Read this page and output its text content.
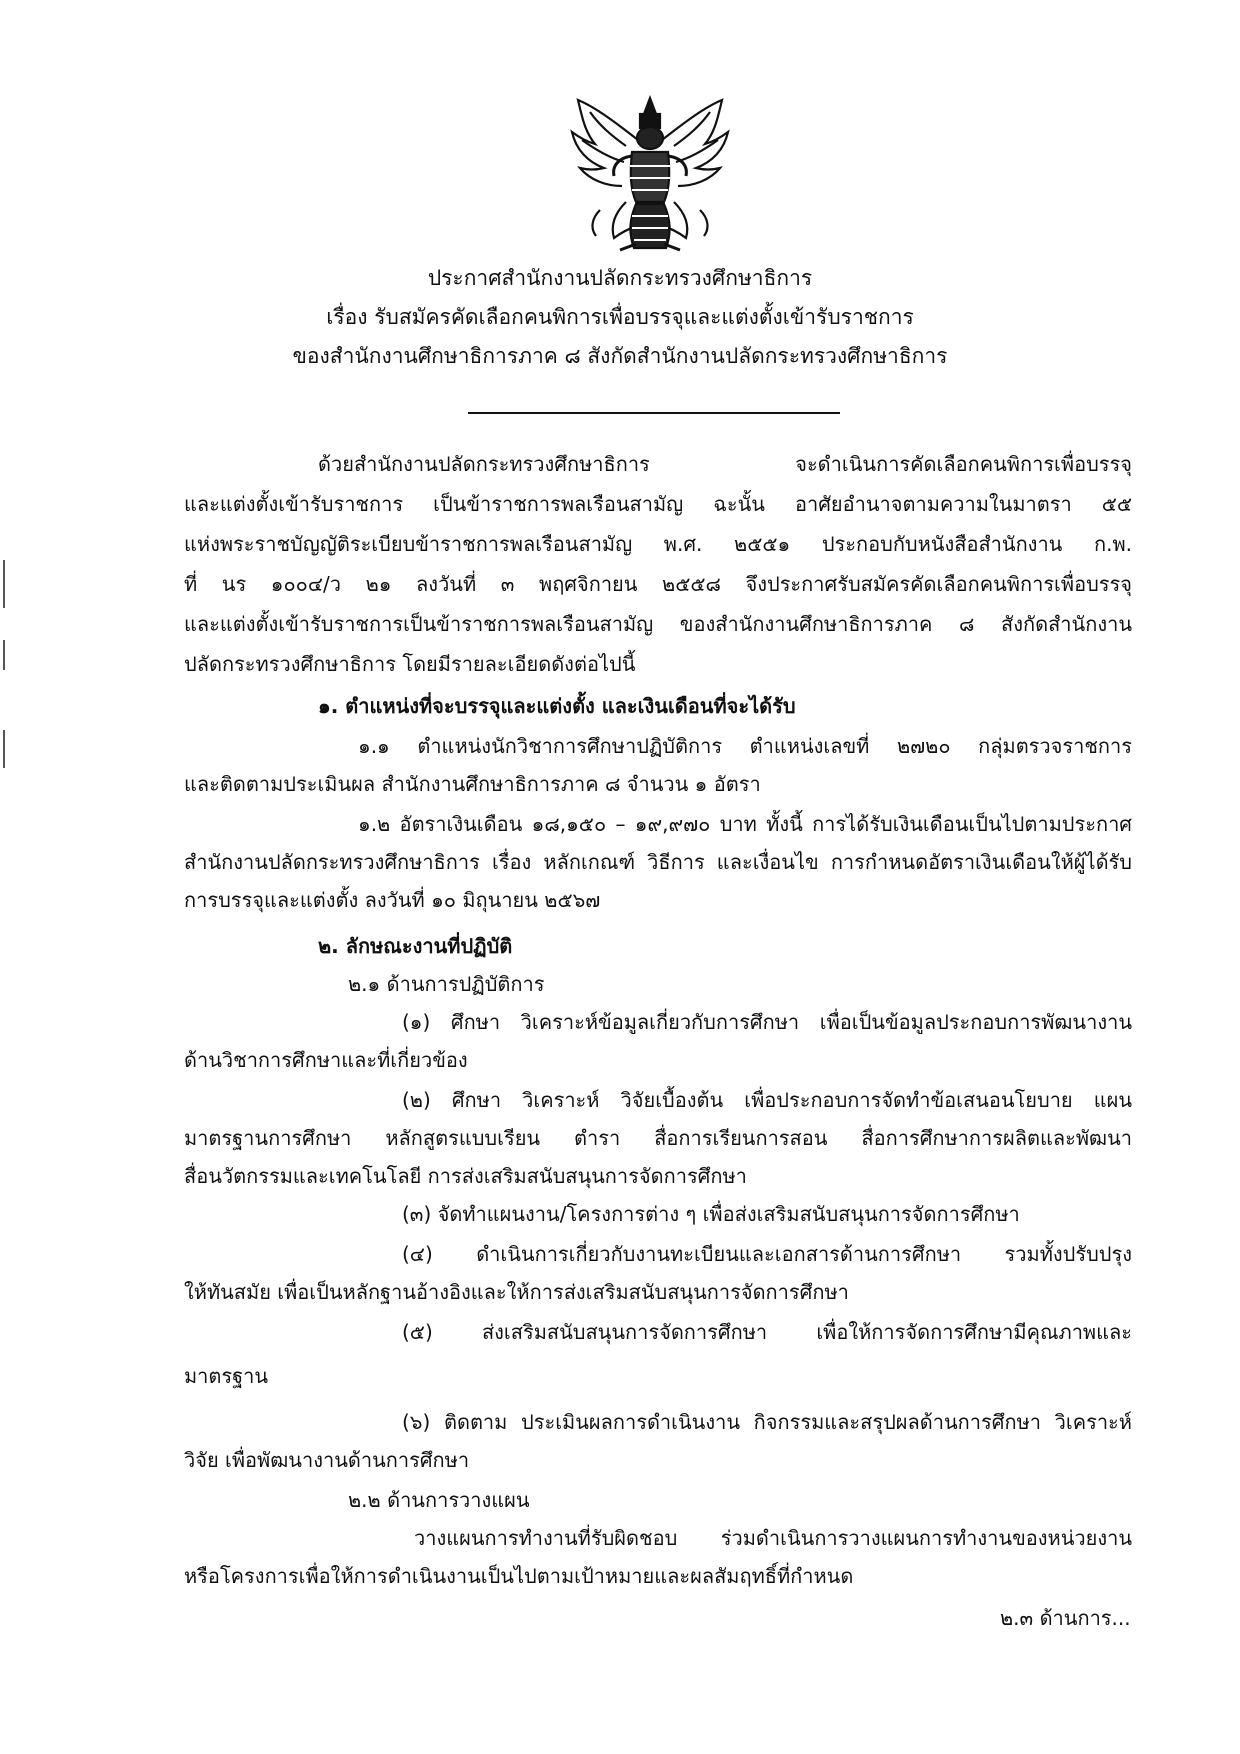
ประกาศสำนักงานปลัดกระทรวงศึกษาธิการ
เรื่อง รับสมัครคัดเลือกคนพิการเพื่อบรรจุและแต่งตั้งเข้ารับราชการ
ของสำนักงานศึกษาธิการภาค ๘ สังกัดสำนักงานปลัดกระทรวงศึกษาธิการ
ด้วยสำนักงานปลัดกระทรวงศึกษาธิการ จะดำเนินการคัดเลือกคนพิการเพื่อบรรจุ
และแต่งตั้งเข้ารับราชการ เป็นข้าราชการพลเรือนสามัญ ฉะนั้น อาศัยอำนาจตามความในมาตรา ๕๕
แห่งพระราชบัญญัติระเบียบข้าราชการพลเรือนสามัญ พ.ศ. ๒๕๕๑ ประกอบกับหนังสือสำนักงาน ก.พ.
ที่ นร ๑๐๐๔/ว ๒๑ ลงวันที่ ๓ พฤศจิกายน ๒๕๕๘ จึงประกาศรับสมัครคัดเลือกคนพิการเพื่อบรรจุ
และแต่งตั้งเข้ารับราชการเป็นข้าราชการพลเรือนสามัญ ของสำนักงานศึกษาธิการภาค ๘ สังกัดสำนักงาน
ปลัดกระทรวงศึกษาธิการ โดยมีรายละเอียดดังต่อไปนี้
๑. ตำแหน่งที่จะบรรจุและแต่งตั้ง และเงินเดือนที่จะได้รับ
๑.๑ ตำแหน่งนักวิชาการศึกษาปฏิบัติการ ตำแหน่งเลขที่ ๒๗๒๐ กลุ่มตรวจราชการ
และติดตามประเมินผล สำนักงานศึกษาธิการภาค ๘ จำนวน ๑ อัตรา
๑.๒ อัตราเงินเดือน ๑๘,๑๕๐ – ๑๙,๙๗๐ บาท ทั้งนี้ การได้รับเงินเดือนเป็นไปตามประกาศ
สำนักงานปลัดกระทรวงศึกษาธิการ เรื่อง หลักเกณฑ์ วิธีการ และเงื่อนไข การกำหนดอัตราเงินเดือนให้ผู้ได้รับ
การบรรจุและแต่งตั้ง ลงวันที่ ๑๐ มิถุนายน ๒๕๖๗
๒. ลักษณะงานที่ปฏิบัติ
๒.๑ ด้านการปฏิบัติการ
(๑) ศึกษา วิเคราะห์ข้อมูลเกี่ยวกับการศึกษา เพื่อเป็นข้อมูลประกอบการพัฒนางาน
ด้านวิชาการศึกษาและที่เกี่ยวข้อง
(๒) ศึกษา วิเคราะห์ วิจัยเบื้องต้น เพื่อประกอบการจัดทำข้อเสนอนโยบาย แผน
มาตรฐานการศึกษา หลักสูตรแบบเรียน ตำรา สื่อการเรียนการสอน สื่อการศึกษาการผลิตและพัฒนา
สื่อนวัตกรรมและเทคโนโลยี การส่งเสริมสนับสนุนการจัดการศึกษา
(๓) จัดทำแผนงาน/โครงการต่าง ๆ เพื่อส่งเสริมสนับสนุนการจัดการศึกษา
(๔) ดำเนินการเกี่ยวกับงานทะเบียนและเอกสารด้านการศึกษา รวมทั้งปรับปรุง
ให้ทันสมัย เพื่อเป็นหลักฐานอ้างอิงและให้การส่งเสริมสนับสนุนการจัดการศึกษา
(๕) ส่งเสริมสนับสนุนการจัดการศึกษา เพื่อให้การจัดการศึกษามีคุณภาพและ
มาตรฐาน
(๖) ติดตาม ประเมินผลการดำเนินงาน กิจกรรมและสรุปผลด้านการศึกษา วิเคราะห์
วิจัย เพื่อพัฒนางานด้านการศึกษา
๒.๒ ด้านการวางแผน
วางแผนการทำงานที่รับผิดชอบ ร่วมดำเนินการวางแผนการทำงานของหน่วยงาน
หรือโครงการเพื่อให้การดำเนินงานเป็นไปตามเป้าหมายและผลสัมฤทธิ์ที่กำหนด
๒.๓ ด้านการ...
